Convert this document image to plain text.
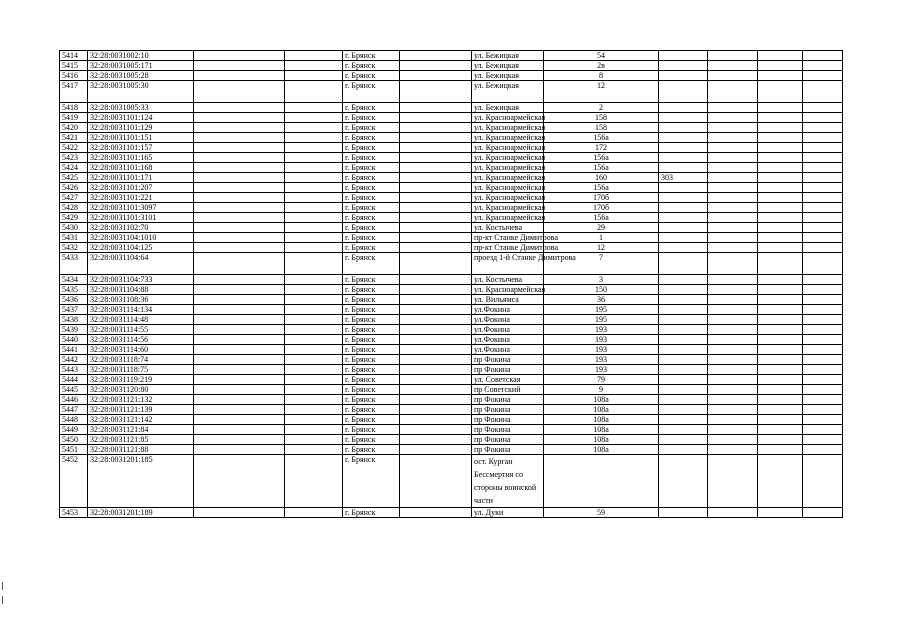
5414	32:28:0031002:10			г. Брянск		ул. Бежицкая	54				
5415	32:28:0031005:171			г. Брянск		ул. Бежицкая	2в				
5416	32:28:0031005:28			г. Брянск		ул. Бежицкая	8				
5417	32:28:0031005:30			г. Брянск		ул. Бежицкая	12				
5418	32:28:0031005:33			г. Брянск		ул. Бежицкая	2				
5419	32:28:0031101:124			г. Брянск		ул. Красноармейская	158				
5420	32:28:0031101:129			г. Брянск		ул. Красноармейская	158				
5421	32:28:0031101:151			г. Брянск		ул. Красноармейская	156а				
5422	32:28:0031101:157			г. Брянск		ул. Красноармейская	172				
5423	32:28:0031101:165			г. Брянск		ул. Красноармейская	156а				
5424	32:28:0031101:168			г. Брянск		ул. Красноармейская	156а				
5425	32:28:0031101:171			г. Брянск		ул. Красноармейская	160	303			
5426	32:28:0031101:207			г. Брянск		ул. Красноармейская	156а				
5427	32:28:0031101:221			г. Брянск		ул. Красноармейская	170б				
5428	32:28:0031101:3097			г. Брянск		ул. Красноармейская	170б				
5429	32:28:0031101:3101			г. Брянск		ул. Красноармейская	156а				
5430	32:28:0031102:70			г. Брянск		ул. Костычева	29				
5431	32:28:0031104:1010			г. Брянск		пр-кт Станке Димитрова	1				
5432	32:28:0031104:125			г. Брянск		пр-кт Станке Димитрова	12				
5433	32:28:0031104:64			г. Брянск		проезд 1-й Станке Димитрова	7				
5434	32:28:0031104:733			г. Брянск		ул. Костычева	3				
5435	32:28:0031104:88			г. Брянск		ул. Красноармейская	150				
5436	32:28:0031108:36			г. Брянск		ул. Вильямса	36				
5437	32:28:0031114:134			г. Брянск		ул.Фокина	195				
5438	32:28:0031114:48			г. Брянск		ул.Фокина	195				
5439	32:28:0031114:55			г. Брянск		ул.Фокина	193				
5440	32:28:0031114:56			г. Брянск		ул.Фокина	193				
5441	32:28:0031114:60			г. Брянск		ул.Фокина	193				
5442	32:28:0031118:74			г. Брянск		пр Фокина	193				
5443	32:28:0031118:75			г. Брянск		пр Фокина	193				
5444	32:28:0031119:219			г. Брянск		ул. Советская	79				
5445	32:28:0031120:80			г. Брянск		пр Советский	9				
5446	32:28:0031121:132			г. Брянск		пр Фокина	108а				
5447	32:28:0031121:139			г. Брянск		пр Фокина	108а				
5448	32:28:0031121:142			г. Брянск		пр Фокина	108а				
5449	32:28:0031121:84			г. Брянск		пр Фокина	108а				
5450	32:28:0031121:85			г. Брянск		пр Фокина	108а				
5451	32:28:0031121:88			г. Брянск		пр Фокина	108а				
5452	32:28:0031201:185			г. Брянск		ост. Курган Бессмертия со стороны воинской части					
5453	32:28:0031201:189			г. Брянск		ул. Дуки	59				
